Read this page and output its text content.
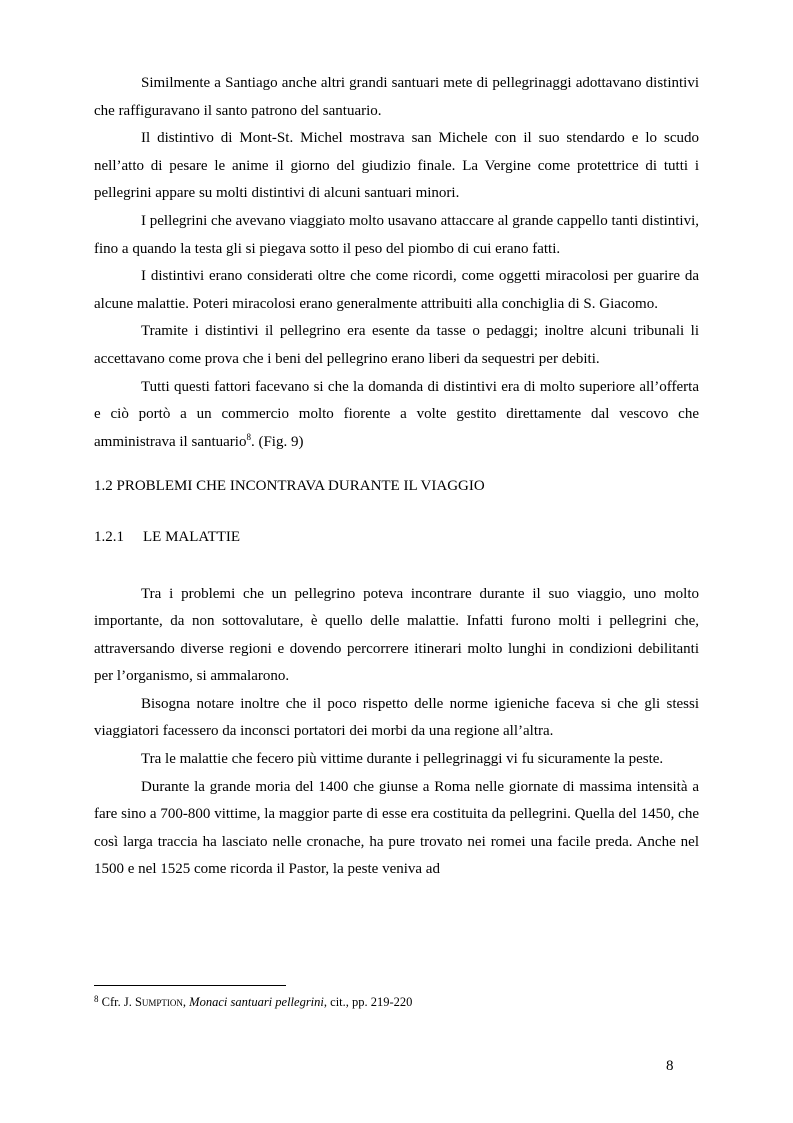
Similmente a Santiago anche altri grandi santuari mete di pellegrinaggi adottavano distintivi che raffiguravano il santo patrono del santuario.

Il distintivo di Mont-St. Michel mostrava san Michele con il suo stendardo e lo scudo nell’atto di pesare le anime il giorno del giudizio finale. La Vergine come protettrice di tutti i pellegrini appare su molti distintivi di alcuni santuari minori.

I pellegrini che avevano viaggiato molto usavano attaccare al grande cappello tanti distintivi, fino a quando la testa gli si piegava sotto il peso del piombo di cui erano fatti.

I distintivi erano considerati oltre che come ricordi, come oggetti miracolosi per guarire da alcune malattie. Poteri miracolosi erano generalmente attribuiti alla conchiglia di S. Giacomo.

Tramite i distintivi il pellegrino era esente da tasse o pedaggi; inoltre alcuni tribunali li accettavano come prova che i beni del pellegrino erano liberi da sequestri per debiti.

Tutti questi fattori facevano si che la domanda di distintivi era di molto superiore all’offerta e ciò portò a un commercio molto fiorente a volte gestito direttamente dal vescovo che amministrava il santuario$^8$. (Fig. 9)

1.2 PROBLEMI CHE INCONTRAVA DURANTE IL VIAGGIO
1.2.1 LE MALATTIE

Tra i problemi che un pellegrino poteva incontrare durante il suo viaggio, uno molto importante, da non sottovalutare, è quello delle malattie. Infatti furono molti i pellegrini che, attraversando diverse regioni e dovendo percorrere itinerari molto lunghi in condizioni debilitanti per l’organismo, si ammalarono.

Bisogna notare inoltre che il poco rispetto delle norme igieniche faceva si che gli stessi viaggiatori facessero da inconsci portatori dei morbi da una regione all’altra.

Tra le malattie che fecero più vittime durante i pellegrinaggi vi fu sicuramente la peste.

Durante la grande moria del 1400 che giunse a Roma nelle giornate di massima intensità a fare sino a 700-800 vittime, la maggior parte di esse era costituita da pellegrini. Quella del 1450, che così larga traccia ha lasciato nelle cronache, ha pure trovato nei romei una facile preda. Anche nel 1500 e nel 1525 come ricorda il Pastor, la peste veniva ad

$^8$ Cfr. J. Sumption, Monaci santuari pellegrini, cit., pp. 219-220
8
